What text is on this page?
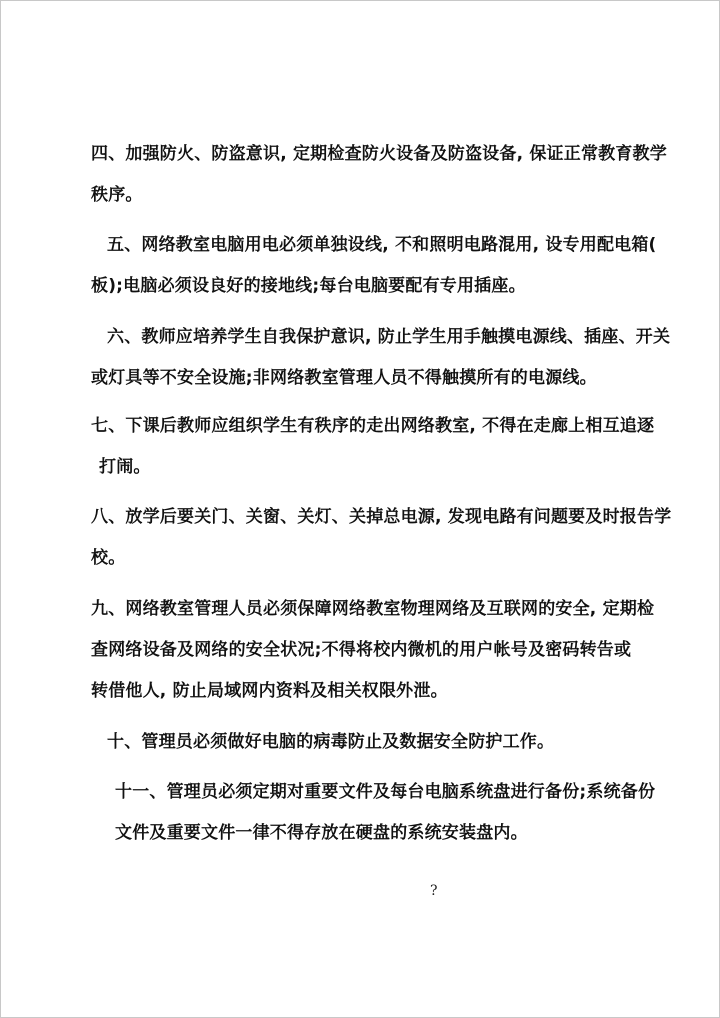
四、加强防火、防盗意识, 定期检查防火设备及防盗设备, 保证正常教育教学
秩序。
五、网络教室电脑用电必须单独设线, 不和照明电路混用, 设专用配电箱(
板);电脑必须设良好的接地线;每台电脑要配有专用插座。
六、教师应培养学生自我保护意识, 防止学生用手触摸电源线、插座、开关
或灯具等不安全设施;非网络教室管理人员不得触摸所有的电源线。
七、下课后教师应组织学生有秩序的走出网络教室, 不得在走廊上相互追逐
打闹。
八、放学后要关门、关窗、关灯、关掉总电源, 发现电路有问题要及时报告学
校。
九、网络教室管理人员必须保障网络教室物理网络及互联网的安全, 定期检
查网络设备及网络的安全状况;不得将校内微机的用户帐号及密码转告或
转借他人, 防止局域网内资料及相关权限外泄。
十、管理员必须做好电脑的病毒防止及数据安全防护工作。
十一、管理员必须定期对重要文件及每台电脑系统盘进行备份;系统备份
文件及重要文件一律不得存放在硬盘的系统安装盘内。
?
